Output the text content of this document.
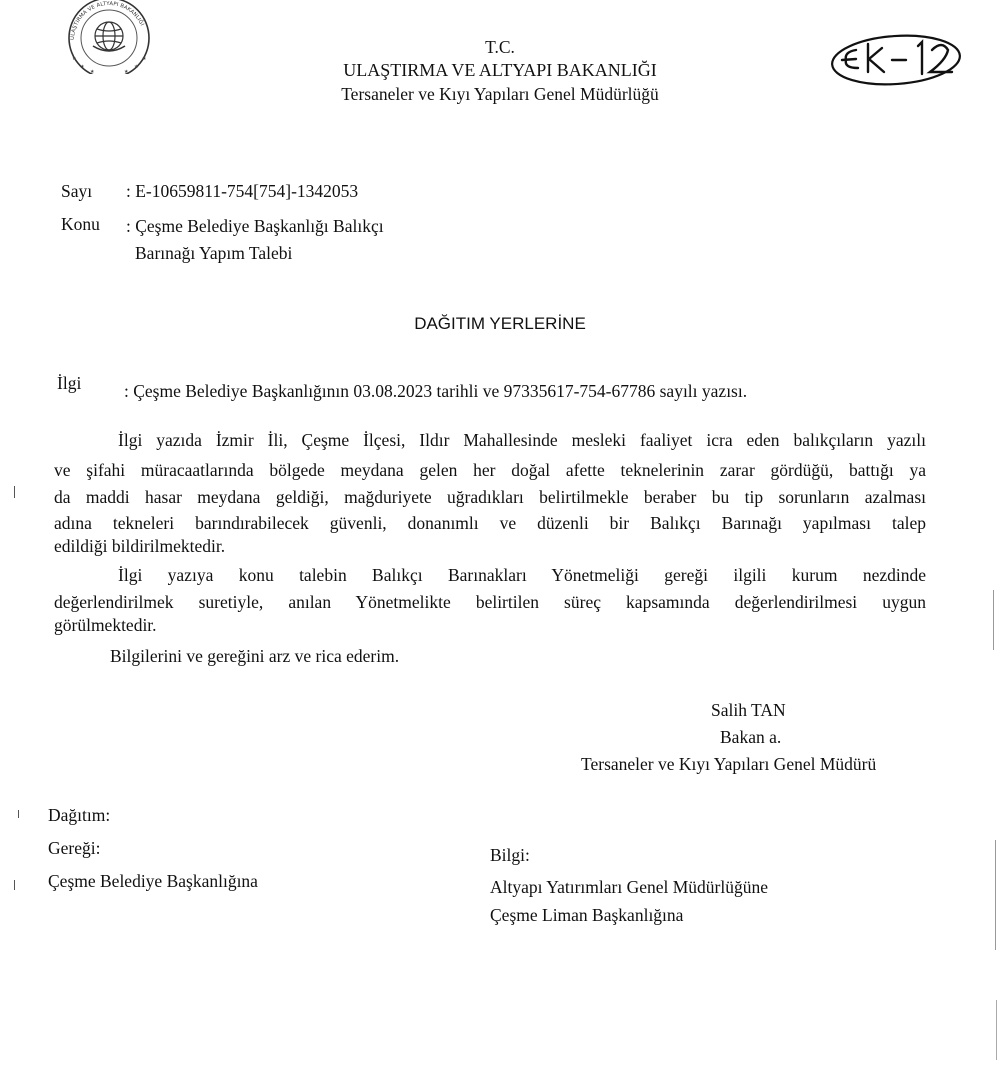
ULAŞTIRMA VE ALTYAPI BAKANLIĞI
★
★
★	★
★
★
T.C.
ULAŞTIRMA VE ALTYAPI BAKANLIĞI
Tersaneler ve Kıyı Yapıları Genel Müdürlüğü
Sayı : E-10659811-754[754]-1342053
Konu : Çeşme Belediye Başkanlığı Balıkçı
Barınağı Yapım Talebi
DAĞITIM YERLERİNE
İlgi : Çeşme Belediye Başkanlığının 03.08.2023 tarihli ve 97335617-754-67786 sayılı yazısı.
İlgi yazıda İzmir İli, Çeşme İlçesi, Ildır Mahallesinde mesleki faaliyet icra eden balıkçıların yazılı
ve şifahi müracaatlarında bölgede meydana gelen her doğal afette teknelerinin zarar gördüğü, battığı ya
da maddi hasar meydana geldiği, mağduriyete uğradıkları belirtilmekle beraber bu tip sorunların azalması
adına tekneleri barındırabilecek güvenli, donanımlı ve düzenli bir Balıkçı Barınağı yapılması talep
edildiği bildirilmektedir.
İlgi yazıya konu talebin Balıkçı Barınakları Yönetmeliği gereği ilgili kurum nezdinde
değerlendirilmek suretiyle, anılan Yönetmelikte belirtilen süreç kapsamında değerlendirilmesi uygun
görülmektedir.
Bilgilerini ve gereğini arz ve rica ederim.
Salih TAN
Bakan a.
Tersaneler ve Kıyı Yapıları Genel Müdürü
Dağıtım:
Gereği:
Çeşme Belediye Başkanlığına
Bilgi:
Altyapı Yatırımları Genel Müdürlüğüne
Çeşme Liman Başkanlığına
